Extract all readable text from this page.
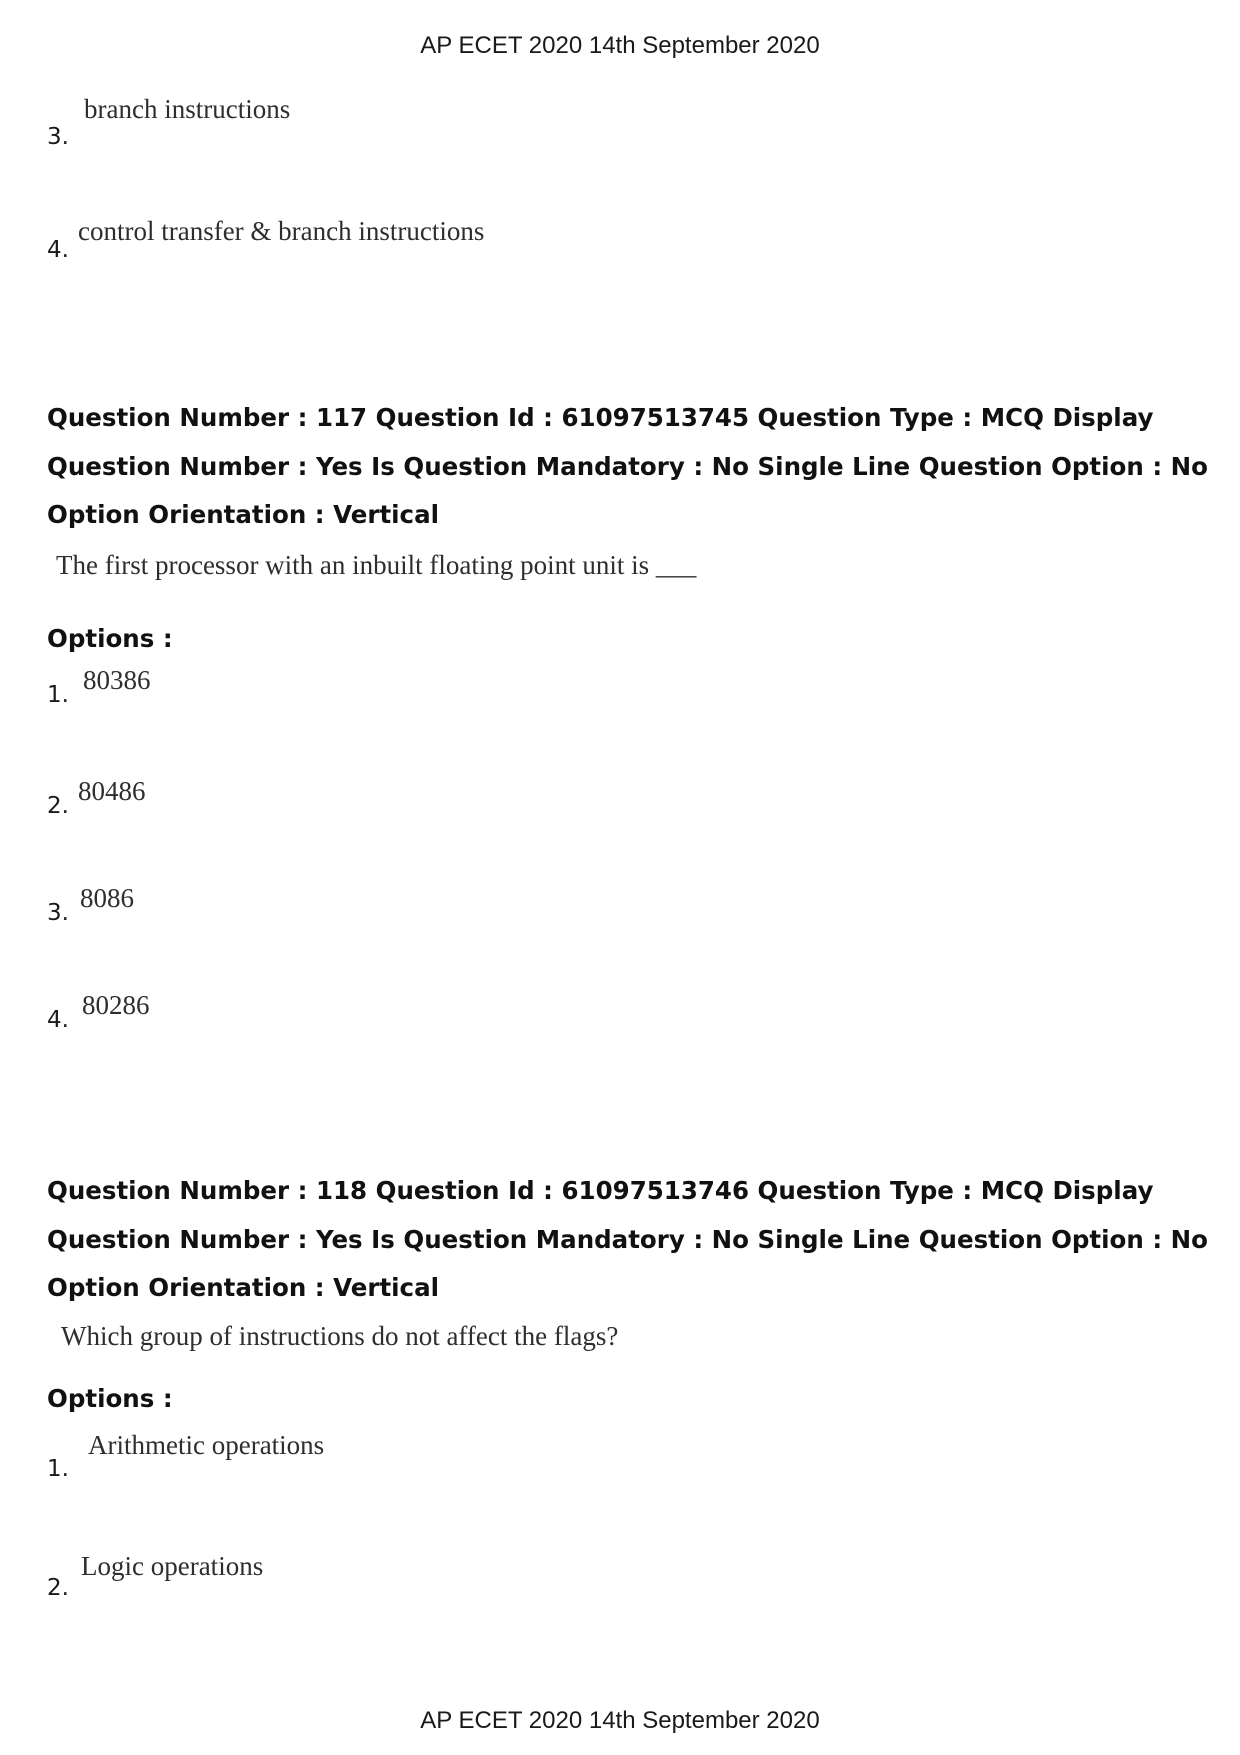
AP ECET 2020 14th September 2020
3.
branch instructions
4.
control transfer & branch instructions
Question Number : 117 Question Id : 61097513745 Question Type : MCQ Display Question Number : Yes Is Question Mandatory : No Single Line Question Option : No Option Orientation : Vertical
The first processor with an inbuilt floating point unit is ___
Options :
1. 80386
2. 80486
3. 8086
4. 80286
Question Number : 118 Question Id : 61097513746 Question Type : MCQ Display Question Number : Yes Is Question Mandatory : No Single Line Question Option : No Option Orientation : Vertical
Which group of instructions do not affect the flags?
Options :
1.
Arithmetic operations
2.
Logic operations
AP ECET 2020 14th September 2020
